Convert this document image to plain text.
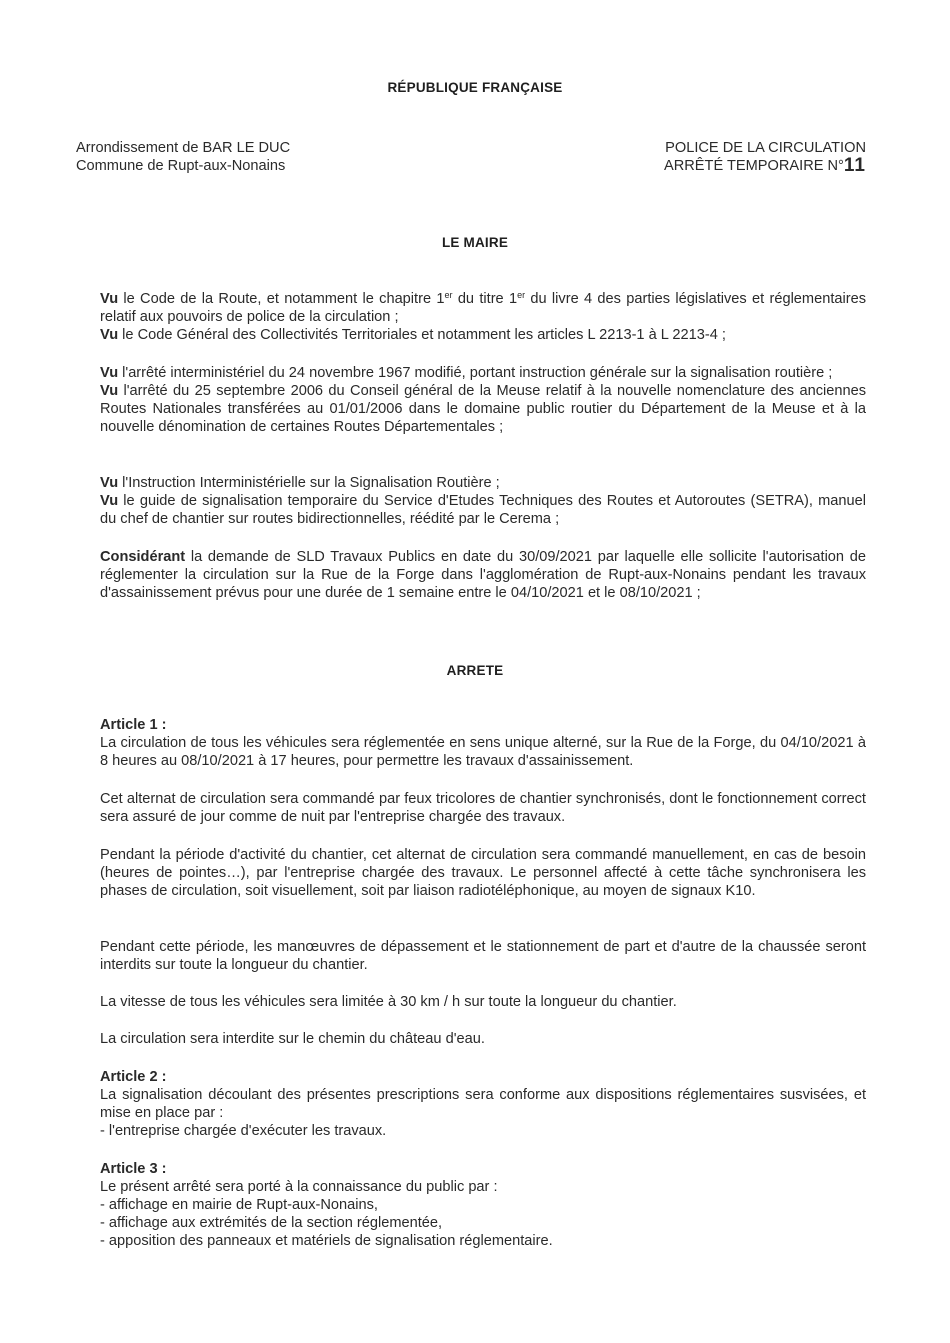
RÉPUBLIQUE FRANÇAISE
Arrondissement de BAR LE DUC
Commune de Rupt-aux-Nonains
POLICE DE LA CIRCULATION
ARRÊTÉ TEMPORAIRE N°11
LE MAIRE

Vu le Code de la Route, et notamment le chapitre 1er du titre 1er du livre 4 des parties législatives et réglementaires relatif aux pouvoirs de police de la circulation ;

Vu le Code Général des Collectivités Territoriales et notamment les articles L 2213-1 à L 2213-4 ;

Vu l'arrêté interministériel du 24 novembre 1967 modifié, portant instruction générale sur la signalisation routière ;

Vu l'arrêté du 25 septembre 2006 du Conseil général de la Meuse relatif à la nouvelle nomenclature des anciennes Routes Nationales transférées au 01/01/2006 dans le domaine public routier du Département de la Meuse et à la nouvelle dénomination de certaines Routes Départementales ;

Vu l'Instruction Interministérielle sur la Signalisation Routière ;

Vu le guide de signalisation temporaire du Service d'Etudes Techniques des Routes et Autoroutes (SETRA), manuel du chef de chantier sur routes bidirectionnelles, réédité par le Cerema ;

Considérant la demande de SLD Travaux Publics en date du 30/09/2021 par laquelle elle sollicite l'autorisation de réglementer la circulation sur la Rue de la Forge dans l'agglomération de Rupt-aux-Nonains pendant les travaux d'assainissement prévus pour une durée de 1 semaine entre le 04/10/2021 et le 08/10/2021 ;

ARRETE
Article 1 :

La circulation de tous les véhicules sera réglementée en sens unique alterné, sur la Rue de la Forge, du 04/10/2021 à 8 heures au 08/10/2021 à 17 heures, pour permettre les travaux d'assainissement.

Cet alternat de circulation sera commandé par feux tricolores de chantier synchronisés, dont le fonctionnement correct sera assuré de jour comme de nuit par l'entreprise chargée des travaux.

Pendant la période d'activité du chantier, cet alternat de circulation sera commandé manuellement, en cas de besoin (heures de pointes…), par l'entreprise chargée des travaux. Le personnel affecté à cette tâche synchronisera les phases de circulation, soit visuellement, soit par liaison radiotéléphonique, au moyen de signaux K10.

Pendant cette période, les manœuvres de dépassement et le stationnement de part et d'autre de la chaussée seront interdits sur toute la longueur du chantier.

La vitesse de tous les véhicules sera limitée à 30 km / h sur toute la longueur du chantier.

La circulation sera interdite sur le chemin du château d'eau.

Article 2 :

La signalisation découlant des présentes prescriptions sera conforme aux dispositions réglementaires susvisées, et mise en place par :

- l'entreprise chargée d'exécuter les travaux.

Article 3 :

Le présent arrêté sera porté à la connaissance du public par :

- affichage en mairie de Rupt-aux-Nonains,

- affichage aux extrémités de la section réglementée,

- apposition des panneaux et matériels de signalisation réglementaire.
